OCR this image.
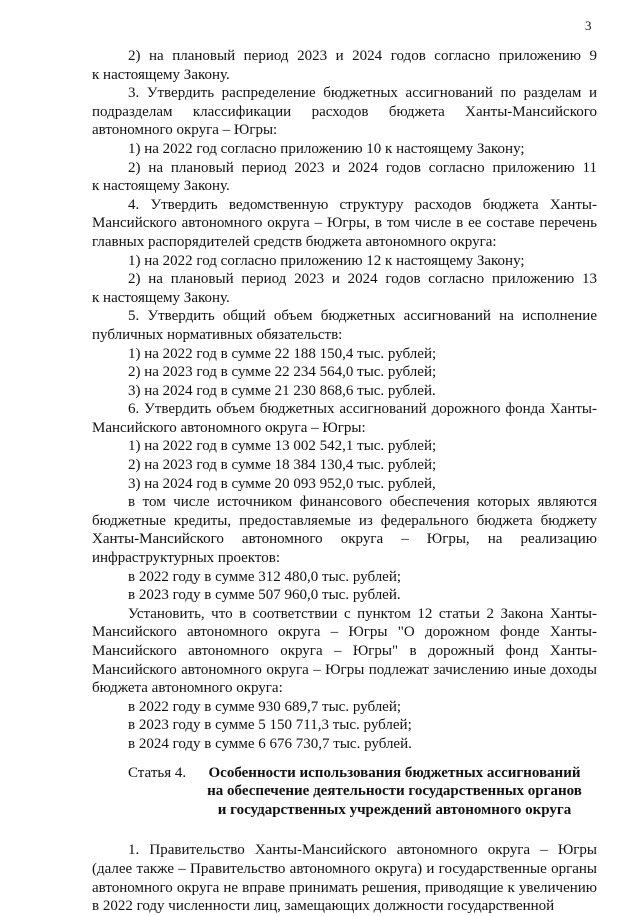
3

2) на плановый период 2023 и 2024 годов согласно приложению 9

к настоящему Закону.

3. Утвердить распределение бюджетных ассигнований по разделам и

подразделам классификации расходов бюджета Ханты-Мансийского

автономного округа – Югры:

1) на 2022 год согласно приложению 10 к настоящему Закону;

2) на плановый период 2023 и 2024 годов согласно приложению 11

к настоящему Закону.

4. Утвердить ведомственную структуру расходов бюджета Ханты-

Мансийского автономного округа – Югры, в том числе в ее составе перечень

главных распорядителей средств бюджета автономного округа:

1) на 2022 год согласно приложению 12 к настоящему Закону;

2) на плановый период 2023 и 2024 годов согласно приложению 13

к настоящему Закону.

5. Утвердить общий объем бюджетных ассигнований на исполнение

публичных нормативных обязательств:

1) на 2022 год в сумме 22 188 150,4 тыс. рублей;

2) на 2023 год в сумме 22 234 564,0 тыс. рублей;

3) на 2024 год в сумме 21 230 868,6 тыс. рублей.

6. Утвердить объем бюджетных ассигнований дорожного фонда Ханты-

Мансийского автономного округа – Югры:

1) на 2022 год в сумме 13 002 542,1 тыс. рублей;

2) на 2023 год в сумме 18 384 130,4 тыс. рублей;

3) на 2024 год в сумме 20 093 952,0 тыс. рублей,

в том числе источником финансового обеспечения которых являются

бюджетные кредиты, предоставляемые из федерального бюджета бюджету

Ханты-Мансийского автономного округа – Югры, на реализацию

инфраструктурных проектов:

в 2022 году в сумме 312 480,0 тыс. рублей;

в 2023 году в сумме 507 960,0 тыс. рублей.

Установить, что в соответствии с пунктом 12 статьи 2 Закона Ханты-

Мансийского автономного округа – Югры "О дорожном фонде Ханты-

Мансийского автономного округа – Югры" в дорожный фонд Ханты-

Мансийского автономного округа – Югры подлежат зачислению иные доходы

бюджета автономного округа:

в 2022 году в сумме 930 689,7 тыс. рублей;

в 2023 году в сумме 5 150 711,3 тыс. рублей;

в 2024 году в сумме 6 676 730,7 тыс. рублей.

Статья 4.	Особенности использования бюджетных ассигнований
на обеспечение деятельности государственных органов
и государственных учреждений автономного округа

1. Правительство Ханты-Мансийского автономного округа – Югры

(далее также – Правительство автономного округа) и государственные органы

автономного округа не вправе принимать решения, приводящие к увеличению

в 2022 году численности лиц, замещающих должности государственной
